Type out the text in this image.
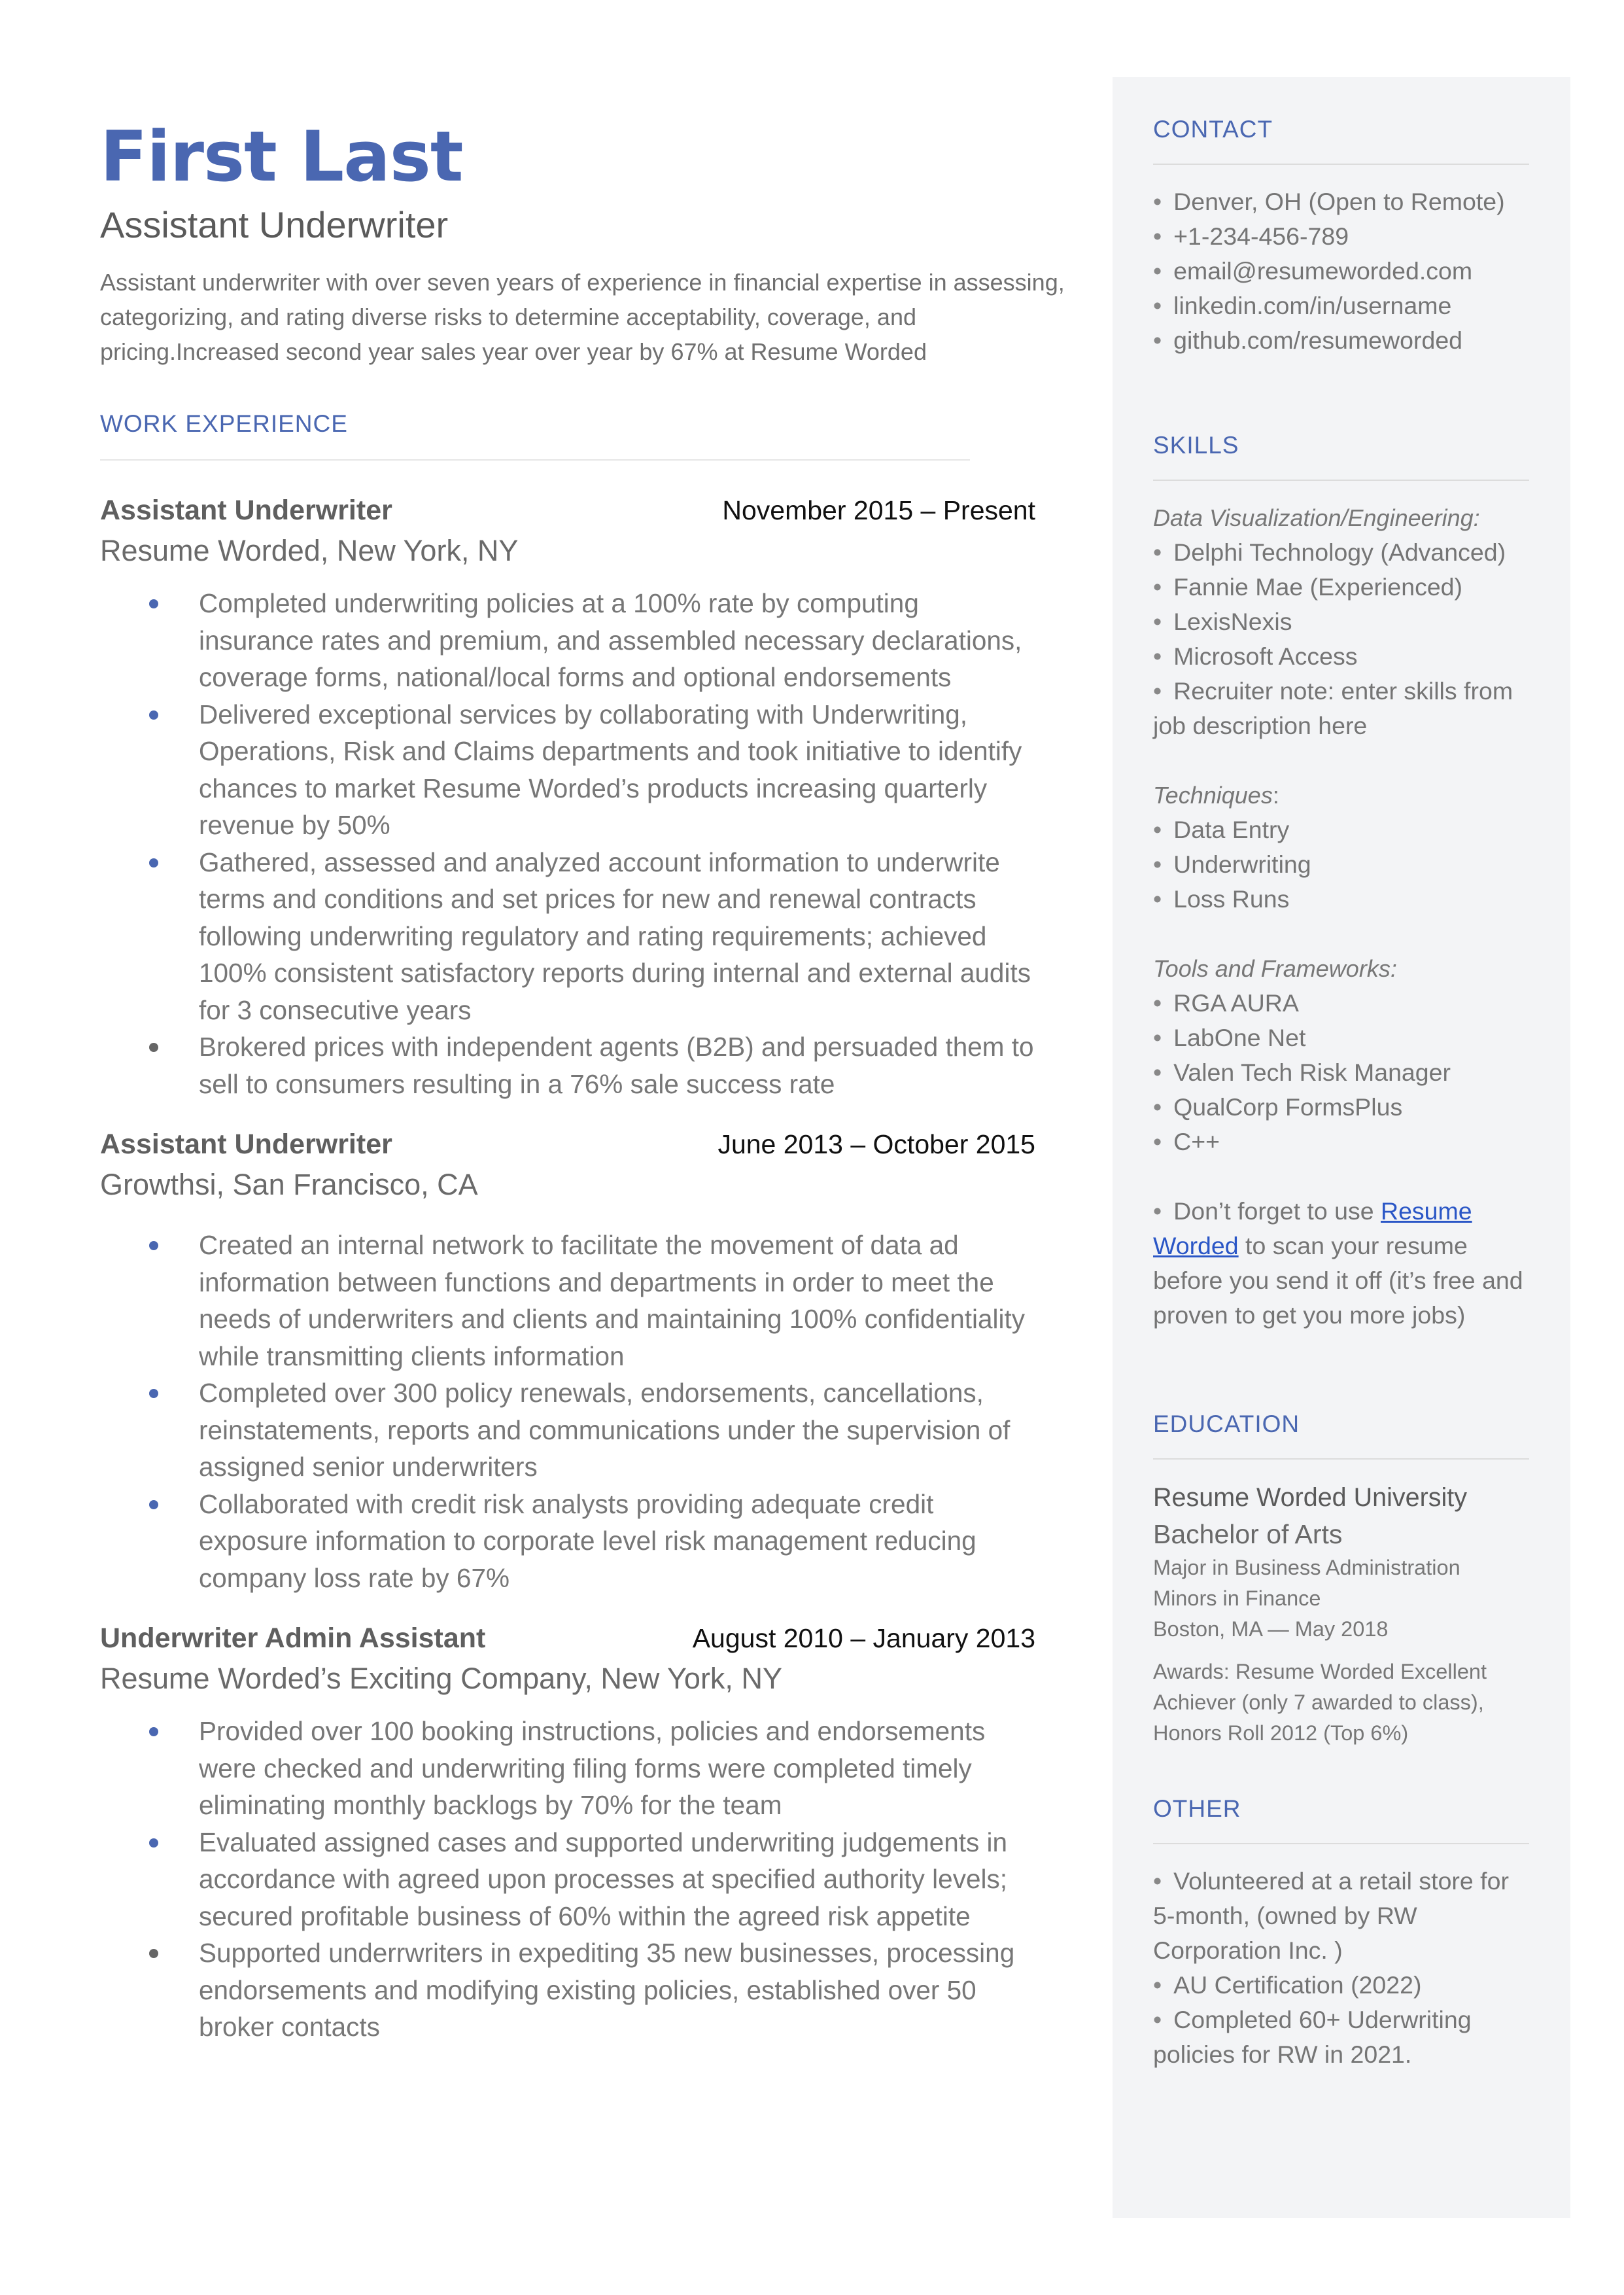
First Last
Assistant Underwriter
Assistant underwriter with over seven years of experience in financial expertise in assessing, categorizing, and rating diverse risks to determine acceptability, coverage, and pricing.Increased second year sales year over year by 67% at Resume Worded
WORK EXPERIENCE
Assistant Underwriter	November 2015 – Present
Resume Worded, New York, NY
Completed underwriting policies at a 100% rate by computing insurance rates and premium, and assembled necessary declarations, coverage forms, national/local forms and optional endorsements
Delivered exceptional services by collaborating with Underwriting, Operations, Risk and Claims departments and took initiative to identify chances to market Resume Worded’s products increasing quarterly revenue by 50%
Gathered, assessed and analyzed account information to underwrite terms and conditions and set prices for new and renewal contracts following underwriting regulatory and rating requirements; achieved 100% consistent satisfactory reports during internal and external audits for 3 consecutive years
Brokered prices with independent agents (B2B) and persuaded them to sell to consumers resulting in a 76% sale success rate
Assistant Underwriter	June 2013 – October 2015
Growthsi, San Francisco, CA
Created an internal network to facilitate the movement of data ad information between functions and departments in order to meet the needs of underwriters and clients and maintaining 100% confidentiality while transmitting clients information
Completed over 300 policy renewals, endorsements, cancellations, reinstatements, reports and communications under the supervision of assigned senior underwriters
Collaborated with credit risk analysts providing adequate credit exposure information to corporate level risk management reducing company loss rate by 67%
Underwriter Admin Assistant	August 2010 – January 2013
Resume Worded’s Exciting Company, New York, NY
Provided over 100 booking instructions, policies and endorsements were checked and underwriting filing forms were completed timely eliminating monthly backlogs by 70% for the team
Evaluated assigned cases and supported underwriting judgements in accordance with agreed upon processes at specified authority levels; secured profitable business of 60% within the agreed risk appetite
Supported underrwriters in expediting 35 new businesses, processing endorsements and modifying existing policies, established over 50 broker contacts
CONTACT
• Denver, OH (Open to Remote)
• +1-234-456-789
• email@resumeworded.com
• linkedin.com/in/username
• github.com/resumeworded
SKILLS
Data Visualization/Engineering:
• Delphi Technology (Advanced)
• Fannie Mae (Experienced)
• LexisNexis
• Microsoft Access
• Recruiter note: enter skills from job description here
Techniques:
• Data Entry
• Underwriting
• Loss Runs
Tools and Frameworks:
• RGA AURA
• LabOne Net
• Valen Tech Risk Manager
• QualCorp FormsPlus
• C++
• Don’t forget to use Resume Worded to scan your resume before you send it off (it’s free and proven to get you more jobs)
EDUCATION
Resume Worded University
Bachelor of Arts
Major in Business Administration
Minors in Finance
Boston, MA — May 2018
Awards: Resume Worded Excellent Achiever (only 7 awarded to class), Honors Roll 2012 (Top 6%)
OTHER
• Volunteered at a retail store for 5-month, (owned by RW Corporation Inc. )
• AU Certification (2022)
• Completed 60+ Uderwriting policies for RW in 2021.
